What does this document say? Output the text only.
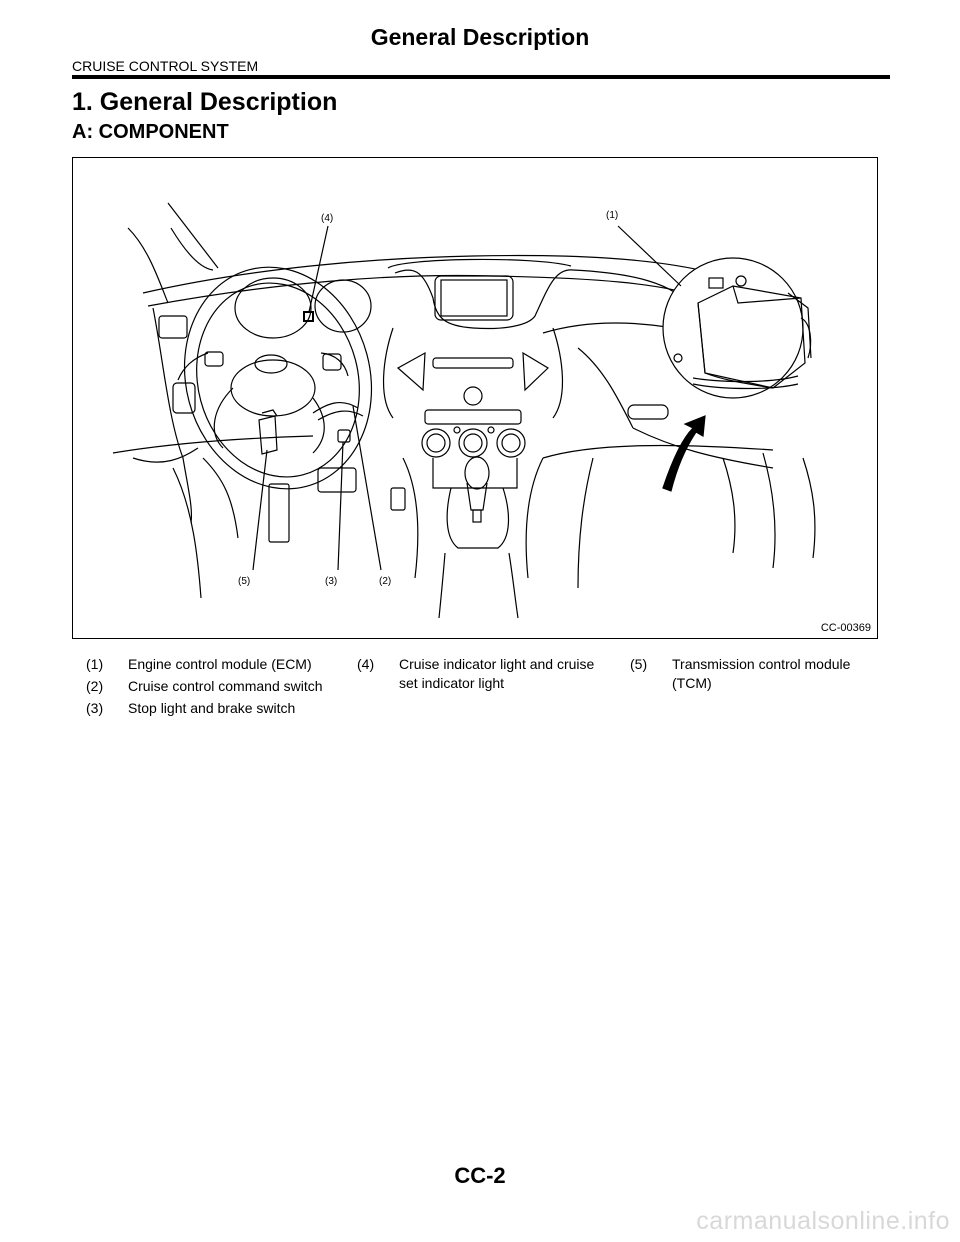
General Description
CRUISE CONTROL SYSTEM
1. General Description
A: COMPONENT
(4)	(1)
(5)	(3)	(2)
CC-00369
(1)	Engine control module (ECM)
(2)	Cruise control command switch
(3)	Stop light and brake switch
(4)	Cruise indicator light and cruise set indicator light
(5)	Transmission control module (TCM)
CC-2
carmanualsonline.info
